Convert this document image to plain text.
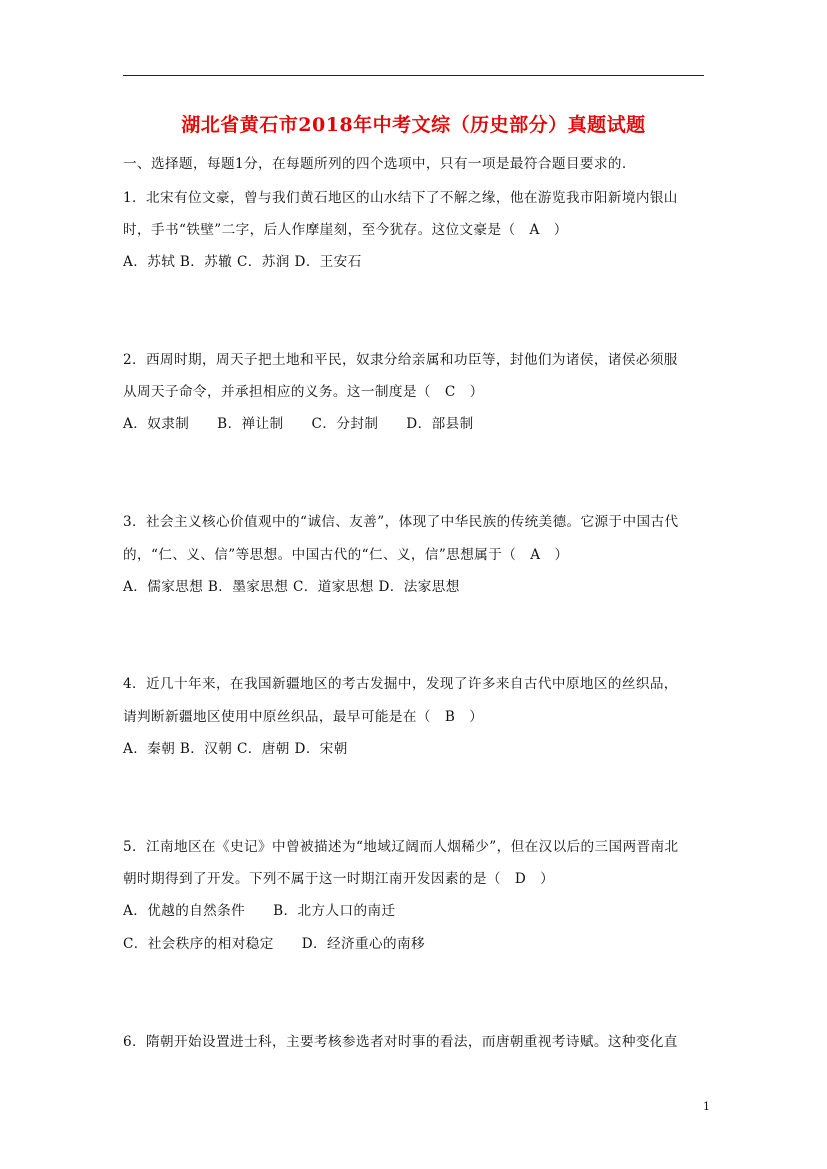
湖北省黄石市2018年中考文综（历史部分）真题试题
一、选择题，每题1分，在每题所列的四个选项中，只有一项是最符合题目要求的.
1．北宋有位文豪，曾与我们黄石地区的山水结下了不解之缘，他在游览我市阳新境内银山
时，手书“铁壁”二字，后人作摩崖刻，至今犹存。这位文豪是（　A　）
A．苏轼 B．苏辙 C．苏润 D．王安石
2．西周时期，周天子把土地和平民，奴隶分给亲属和功臣等，封他们为诸侯，诸侯必须服
从周天子命令，并承担相应的义务。这一制度是（　C　）
A．奴隶制　　B．禅让制　　C．分封制　　D．部县制
3．社会主义核心价值观中的“诚信、友善”，体现了中华民族的传统美德。它源于中国古代
的，“仁、义、信”等思想。中国古代的“仁、义，信”思想属于（　A　）
A．儒家思想 B．墨家思想 C．道家思想 D．法家思想
4．近几十年来，在我国新疆地区的考古发掘中，发现了许多来自古代中原地区的丝织品，
请判断新疆地区使用中原丝织品，最早可能是在（　B　）
A．秦朝 B．汉朝 C．唐朝 D．宋朝
5．江南地区在《史记》中曾被描述为“地域辽阔而人烟稀少”，但在汉以后的三国两晋南北
朝时期得到了开发。下列不属于这一时期江南开发因素的是（　D　）
A．优越的自然条件　　B．北方人口的南迁
C．社会秩序的相对稳定　　D．经济重心的南移
6．隋朝开始设置进士科，主要考核参选者对时事的看法，而唐朝重视考诗赋。这种变化直
1
